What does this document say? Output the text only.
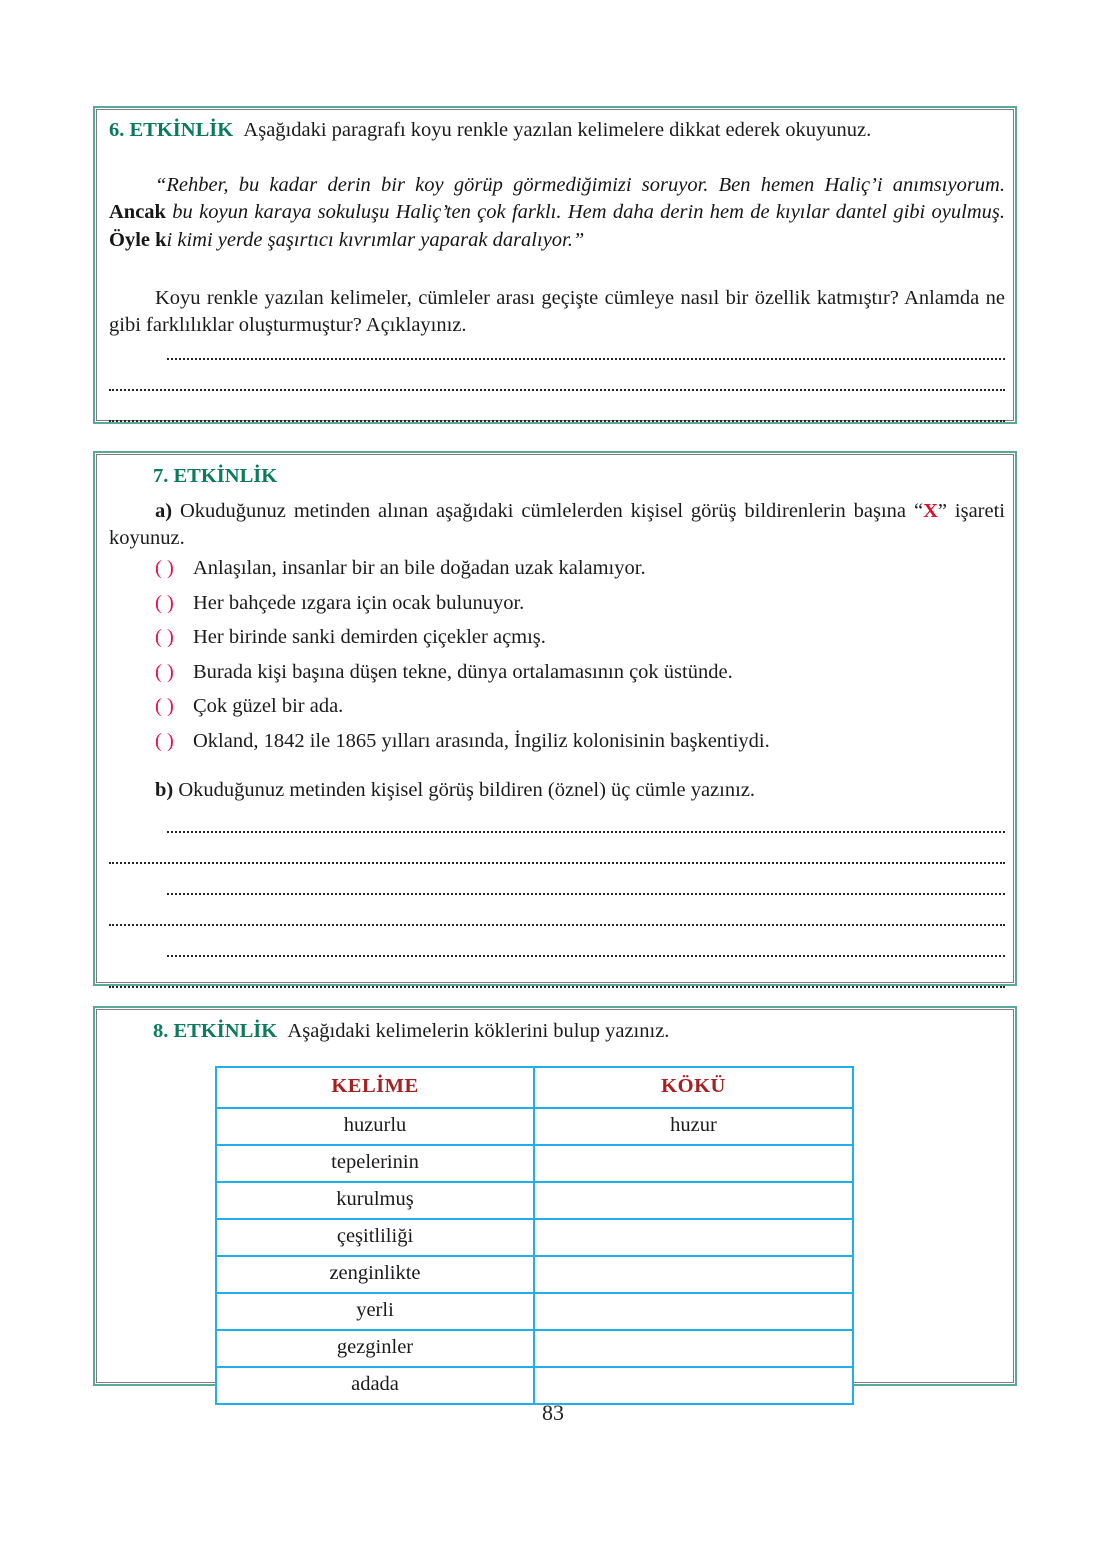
6. ETKİNLİK Aşağıdaki paragrafı koyu renkle yazılan kelimelere dikkat ederek okuyunuz.

“Rehber, bu kadar derin bir koy görüp görmediğimizi soruyor. Ben hemen Haliç’i anımsıyorum. Ancak bu koyun karaya sokuluşu Haliç’ten çok farklı. Hem daha derin hem de kıyılar dantel gibi oyulmuş. Öyle ki kimi yerde şaşırtıcı kıvrımlar yaparak daralıyor.”

Koyu renkle yazılan kelimeler, cümleler arası geçişte cümleye nasıl bir özellik katmıştır? Anlamda ne gibi farklılıklar oluşturmuştur? Açıklayınız.

7. ETKİNLİK

a) Okuduğunuz metinden alınan aşağıdaki cümlelerden kişisel görüş bildirenlerin başına “X” işareti koyunuz.

( ) Anlaşılan, insanlar bir an bile doğadan uzak kalamıyor.
( ) Her bahçede ızgara için ocak bulunuyor.
( ) Her birinde sanki demirden çiçekler açmış.
( ) Burada kişi başına düşen tekne, dünya ortalamasının çok üstünde.
( ) Çok güzel bir ada.
( ) Okland, 1842 ile 1865 yılları arasında, İngiliz kolonisinin başkentiydi.

b) Okuduğunuz metinden kişisel görüş bildiren (öznel) üç cümle yazınız.

8. ETKİNLİK Aşağıdaki kelimelerin köklerini bulup yazınız.

KELİME	KÖKÜ
huzurlu	huzur
tepelerinin	
kurulmuş	
çeşitliliği	
zenginlikte	
yerli	
gezginler	
adada	
83
